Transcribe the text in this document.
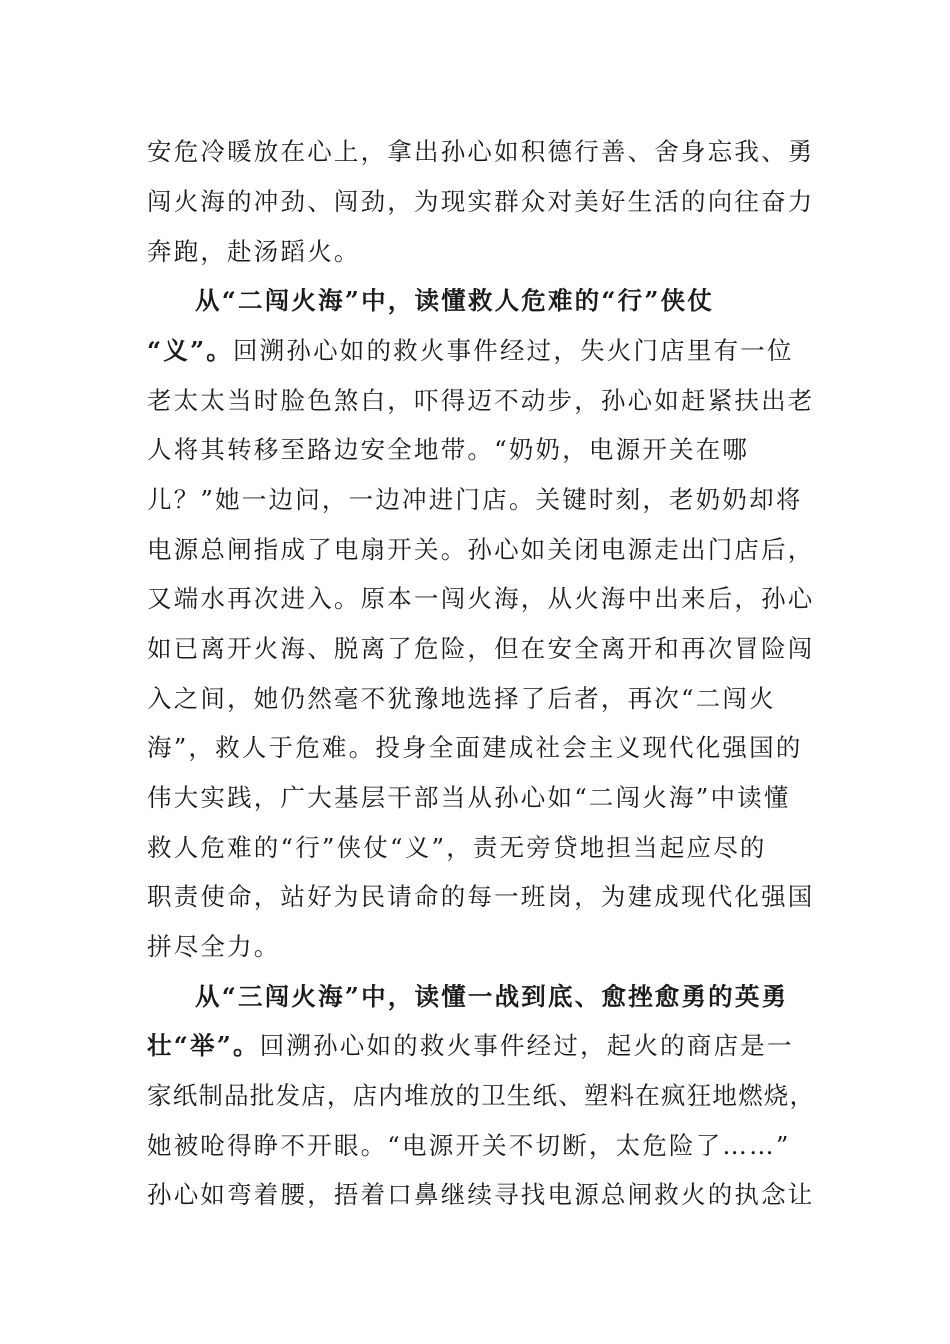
安危冷暖放在心上，拿出孙心如积德行善、舍身忘我、勇
闯火海的冲劲、闯劲，为现实群众对美好生活的向往奋力
奔跑，赴汤蹈火。
从“二闯火海”中，读懂救人危难的“行”侠仗
“义”。回溯孙心如的救火事件经过，失火门店里有一位
老太太当时脸色煞白，吓得迈不动步，孙心如赶紧扶出老
人将其转移至路边安全地带。“奶奶，电源开关在哪
儿？”她一边问，一边冲进门店。关键时刻，老奶奶却将
电源总闸指成了电扇开关。孙心如关闭电源走出门店后，
又端水再次进入。原本一闯火海，从火海中出来后，孙心
如已离开火海、脱离了危险，但在安全离开和再次冒险闯
入之间，她仍然毫不犹豫地选择了后者，再次“二闯火
海”，救人于危难。投身全面建成社会主义现代化强国的
伟大实践，广大基层干部当从孙心如“二闯火海”中读懂
救人危难的“行”侠仗“义”，责无旁贷地担当起应尽的
职责使命，站好为民请命的每一班岗，为建成现代化强国
拼尽全力。
从“三闯火海”中，读懂一战到底、愈挫愈勇的英勇
壮“举”。回溯孙心如的救火事件经过，起火的商店是一
家纸制品批发店，店内堆放的卫生纸、塑料在疯狂地燃烧，
她被呛得睁不开眼。“电源开关不切断，太危险了……”
孙心如弯着腰，捂着口鼻继续寻找电源总闸救火的执念让
